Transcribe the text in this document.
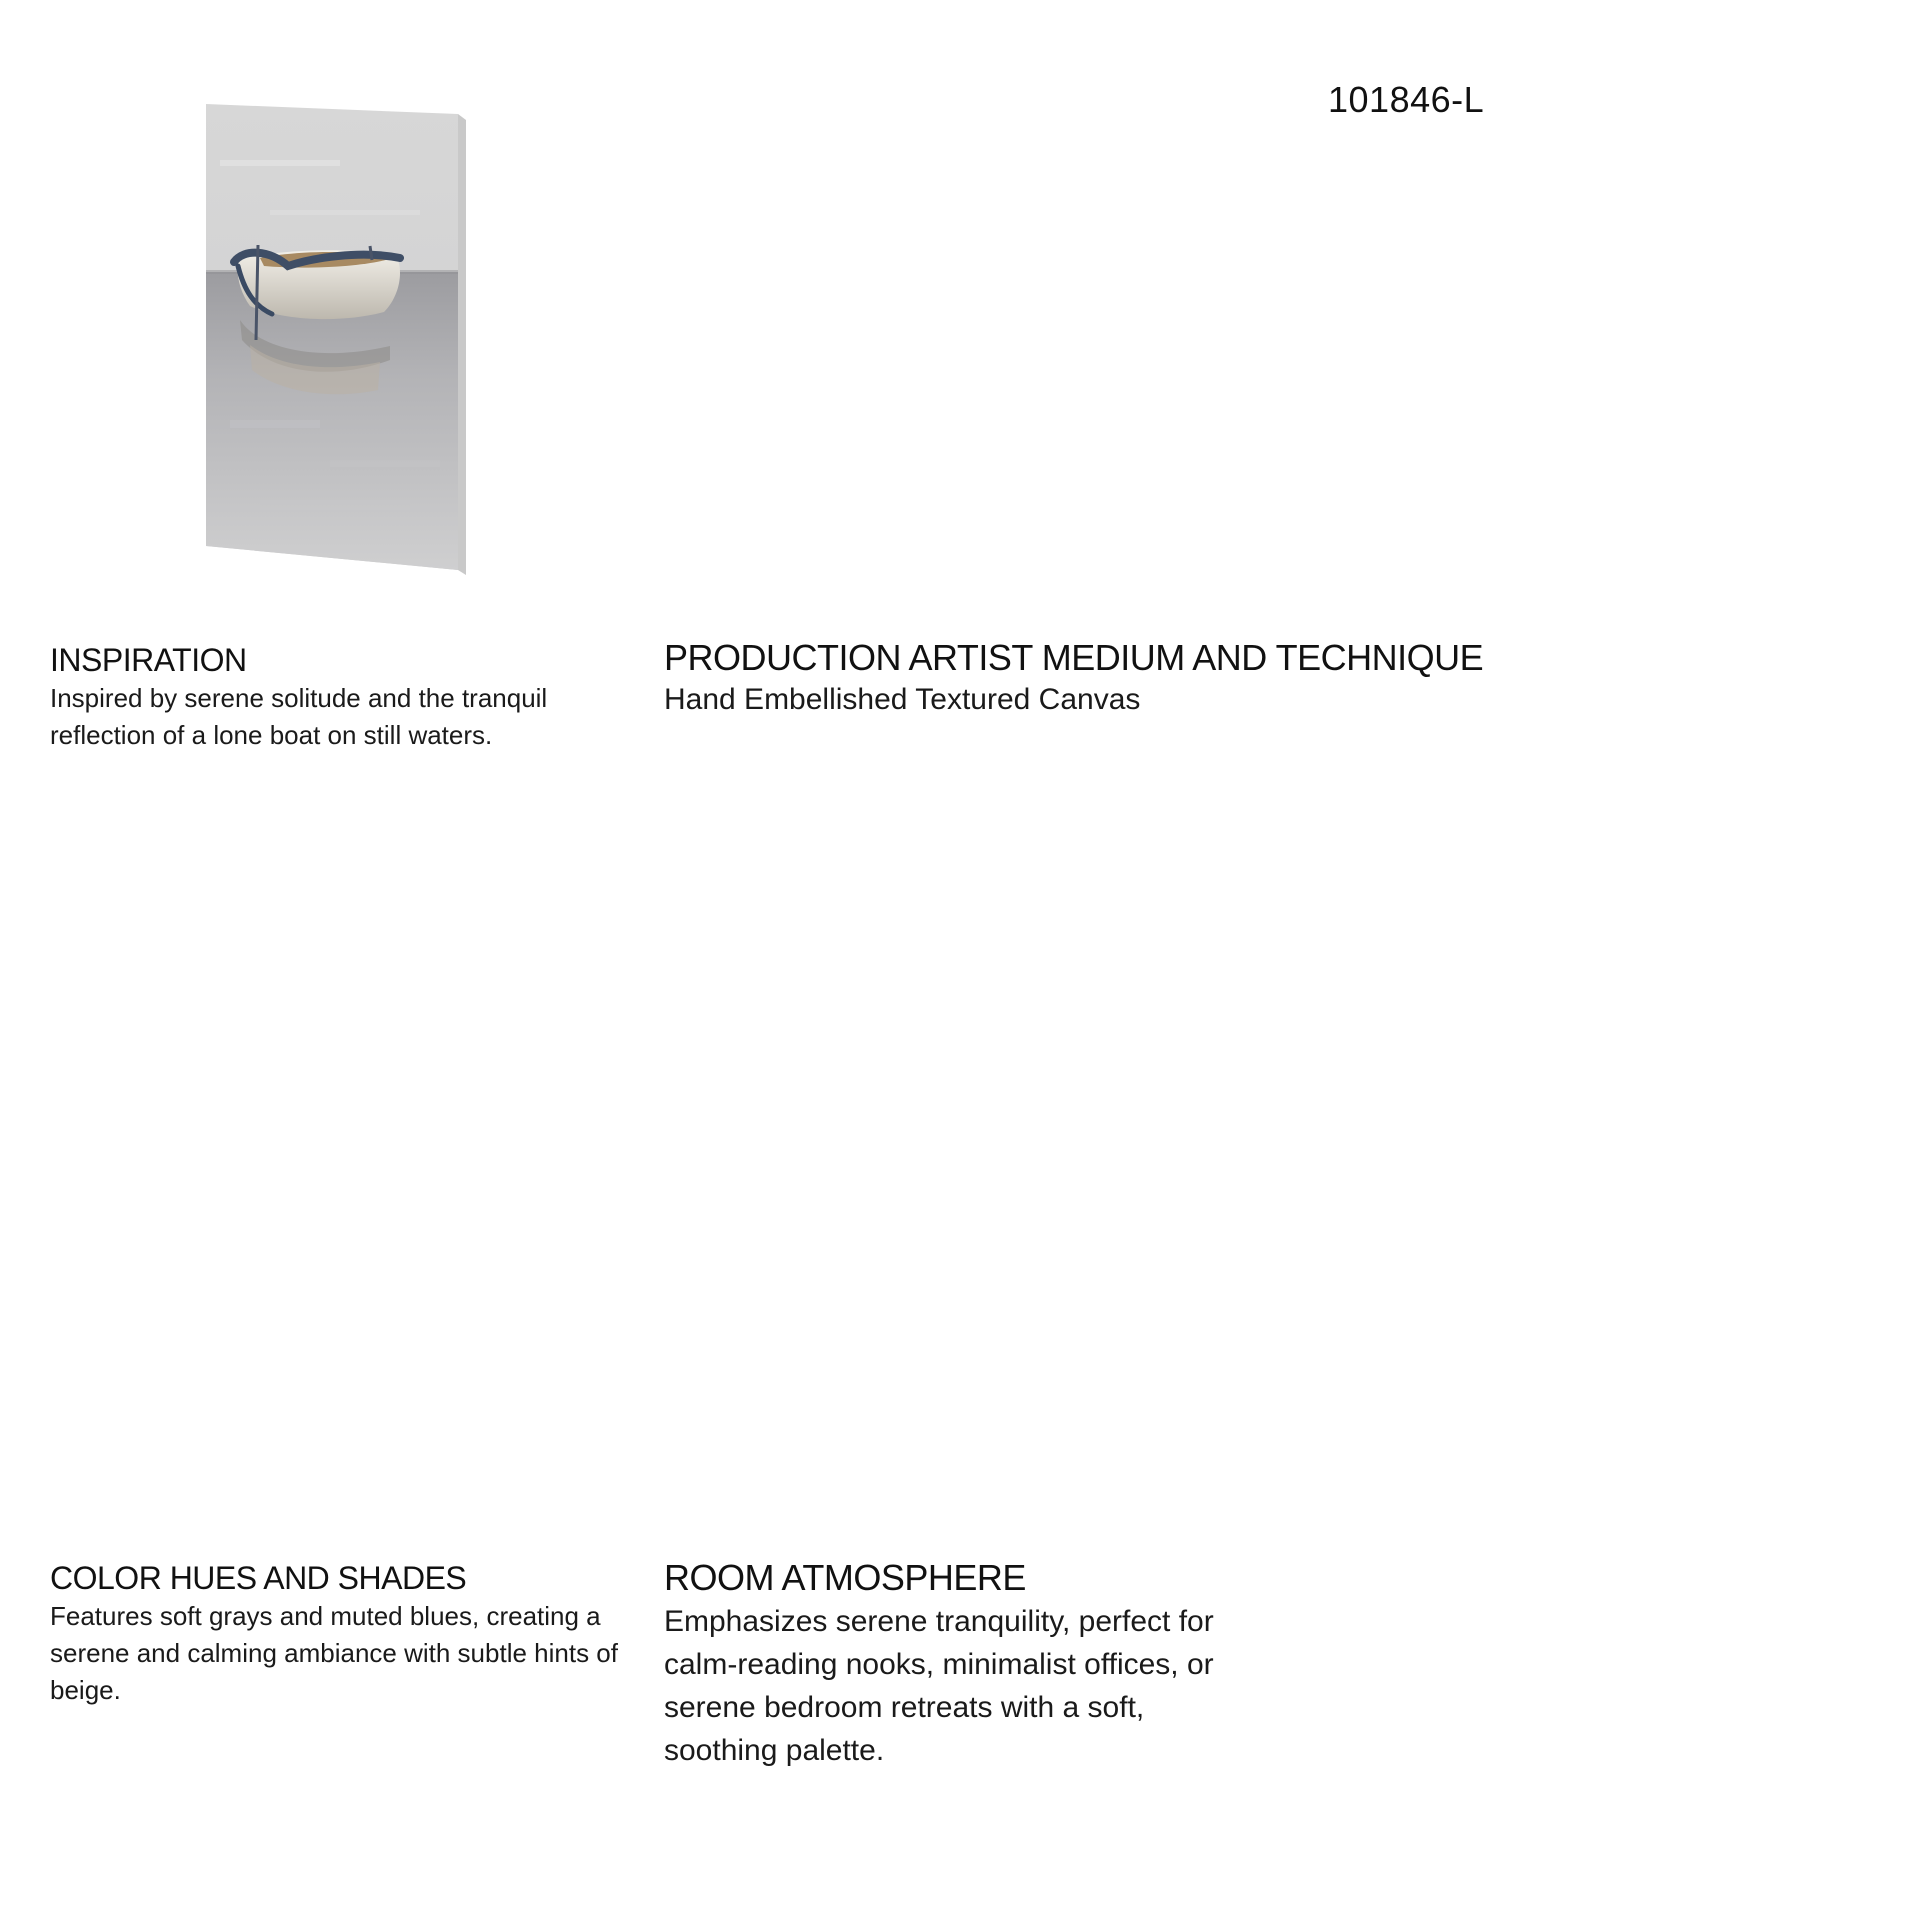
101846-L
INSPIRATION

Inspired by serene solitude and the tranquil reflection of a lone boat on still waters.

PRODUCTION ARTIST MEDIUM AND TECHNIQUE

Hand Embellished Textured Canvas

COLOR HUES AND SHADES

Features soft grays and muted blues, creating a serene and calming ambiance with subtle hints of beige.

ROOM ATMOSPHERE

Emphasizes serene tranquility, perfect for calm-reading nooks, minimalist offices, or serene bedroom retreats with a soft, soothing palette.
